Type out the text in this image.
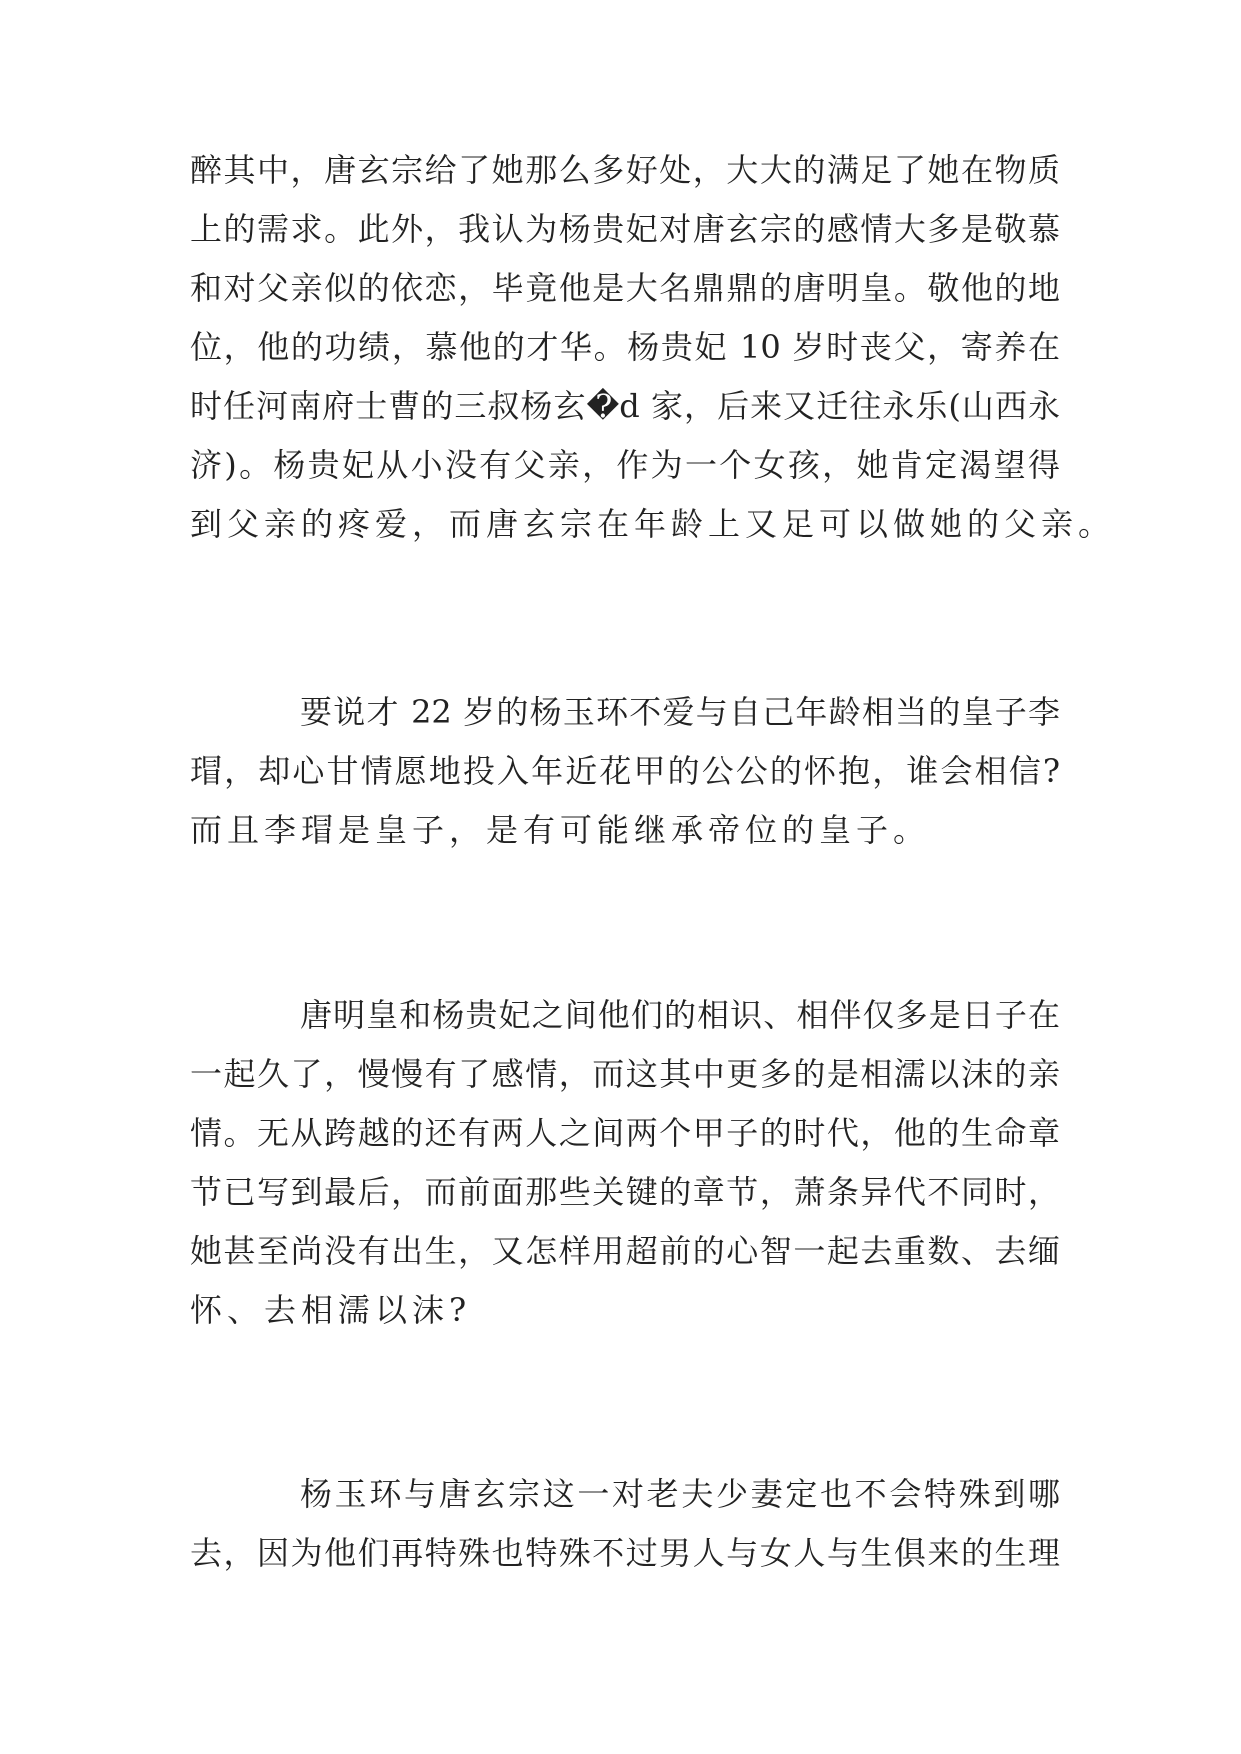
醉其中，唐玄宗给了她那么多好处，大大的满足了她在物质
上的需求。此外，我认为杨贵妃对唐玄宗的感情大多是敬慕
和对父亲似的依恋，毕竟他是大名鼎鼎的唐明皇。敬他的地
位，他的功绩，慕他的才华。杨贵妃 10 岁时丧父，寄养在
时任河南府士曹的三叔杨玄�d 家，后来又迁往永乐(山西永
济)。杨贵妃从小没有父亲，作为一个女孩，她肯定渴望得
到父亲的疼爱，而唐玄宗在年龄上又足可以做她的父亲。
要说才 22 岁的杨玉环不爱与自己年龄相当的皇子李
瑁，却心甘情愿地投入年近花甲的公公的怀抱，谁会相信?
而且李瑁是皇子，是有可能继承帝位的皇子。
唐明皇和杨贵妃之间他们的相识、相伴仅多是日子在
一起久了，慢慢有了感情，而这其中更多的是相濡以沫的亲
情。无从跨越的还有两人之间两个甲子的时代，他的生命章
节已写到最后，而前面那些关键的章节，萧条异代不同时，
她甚至尚没有出生，又怎样用超前的心智一起去重数、去缅
怀、去相濡以沫?
杨玉环与唐玄宗这一对老夫少妻定也不会特殊到哪
去，因为他们再特殊也特殊不过男人与女人与生俱来的生理
